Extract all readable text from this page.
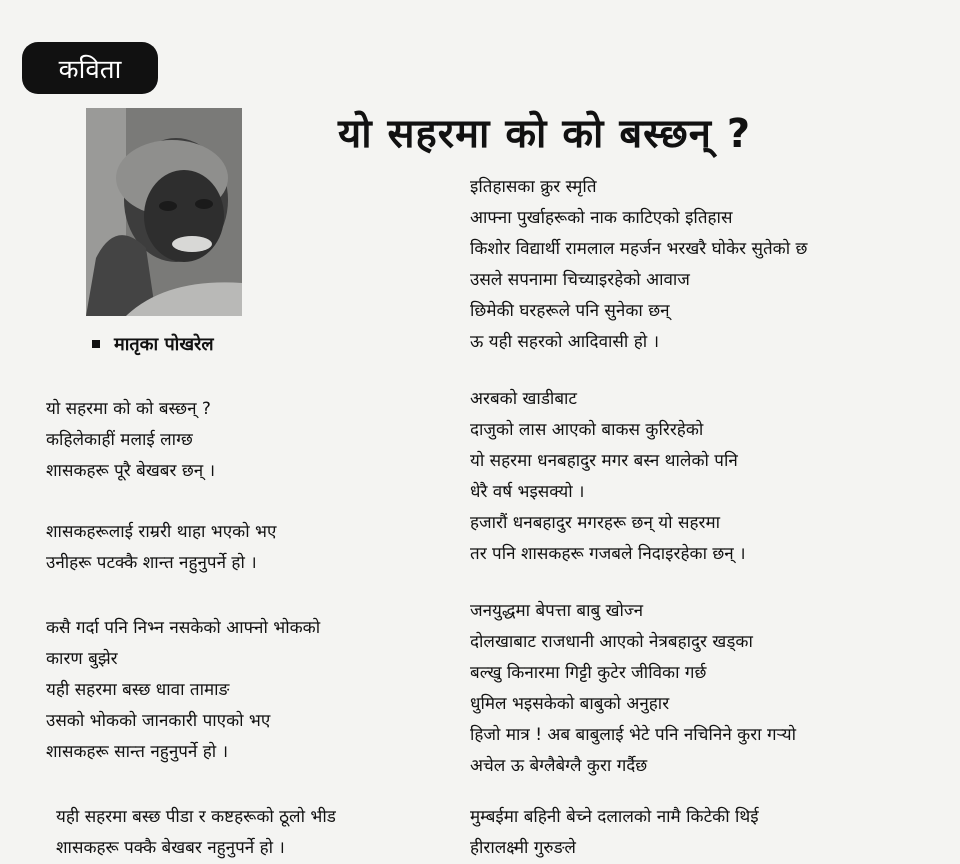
कविता
मातृका पोखरेल
यो सहरमा को को बस्छन् ?
यो सहरमा को को बस्छन् ?
कहिलेकाहीं मलाई लाग्छ
शासकहरू पूरै बेखबर छन् ।
शासकहरूलाई राम्ररी थाहा भएको भए
उनीहरू पटक्कै शान्त नहुनुपर्ने हो ।
कसै गर्दा पनि निभ्न नसकेको आफ्नो भोकको
कारण बुझेर
यही सहरमा बस्छ धावा तामाङ
उसको भोकको जानकारी पाएको भए
शासकहरू सान्त नहुनुपर्ने हो ।
यही सहरमा बस्छ पीडा र कष्टहरूको ठूलो भीड
शासकहरू पक्कै बेखबर नहुनुपर्ने हो ।
इतिहासका क्रुर स्मृति
आफ्ना पुर्खाहरूको नाक काटिएको इतिहास
किशोर विद्यार्थी रामलाल महर्जन भरखरै घोकेर सुतेको छ
उसले सपनामा चिच्याइरहेको आवाज
छिमेकी घरहरूले पनि सुनेका छन्
ऊ यही सहरको आदिवासी हो ।
अरबको खाडीबाट
दाजुको लास आएको बाकस कुरिरहेको
यो सहरमा धनबहादुर मगर बस्न थालेको पनि
धेरै वर्ष भइसक्यो ।
हजारौं धनबहादुर मगरहरू छन् यो सहरमा
तर पनि शासकहरू गजबले निदाइरहेका छन् ।
जनयुद्धमा बेपत्ता बाबु खोज्न
दोलखाबाट राजधानी आएको नेत्रबहादुर खड्का
बल्खु किनारमा गिट्टी कुटेर जीविका गर्छ
धुमिल भइसकेको बाबुको अनुहार
हिजो मात्र ! अब बाबुलाई भेटे पनि नचिनिने कुरा गर्‍यो
अचेल ऊ बेग्लैबेग्लै कुरा गर्दैछ
मुम्बईमा बहिनी बेच्ने दलालको नामै किटेकी थिई
हीरालक्ष्मी गुरुङले
